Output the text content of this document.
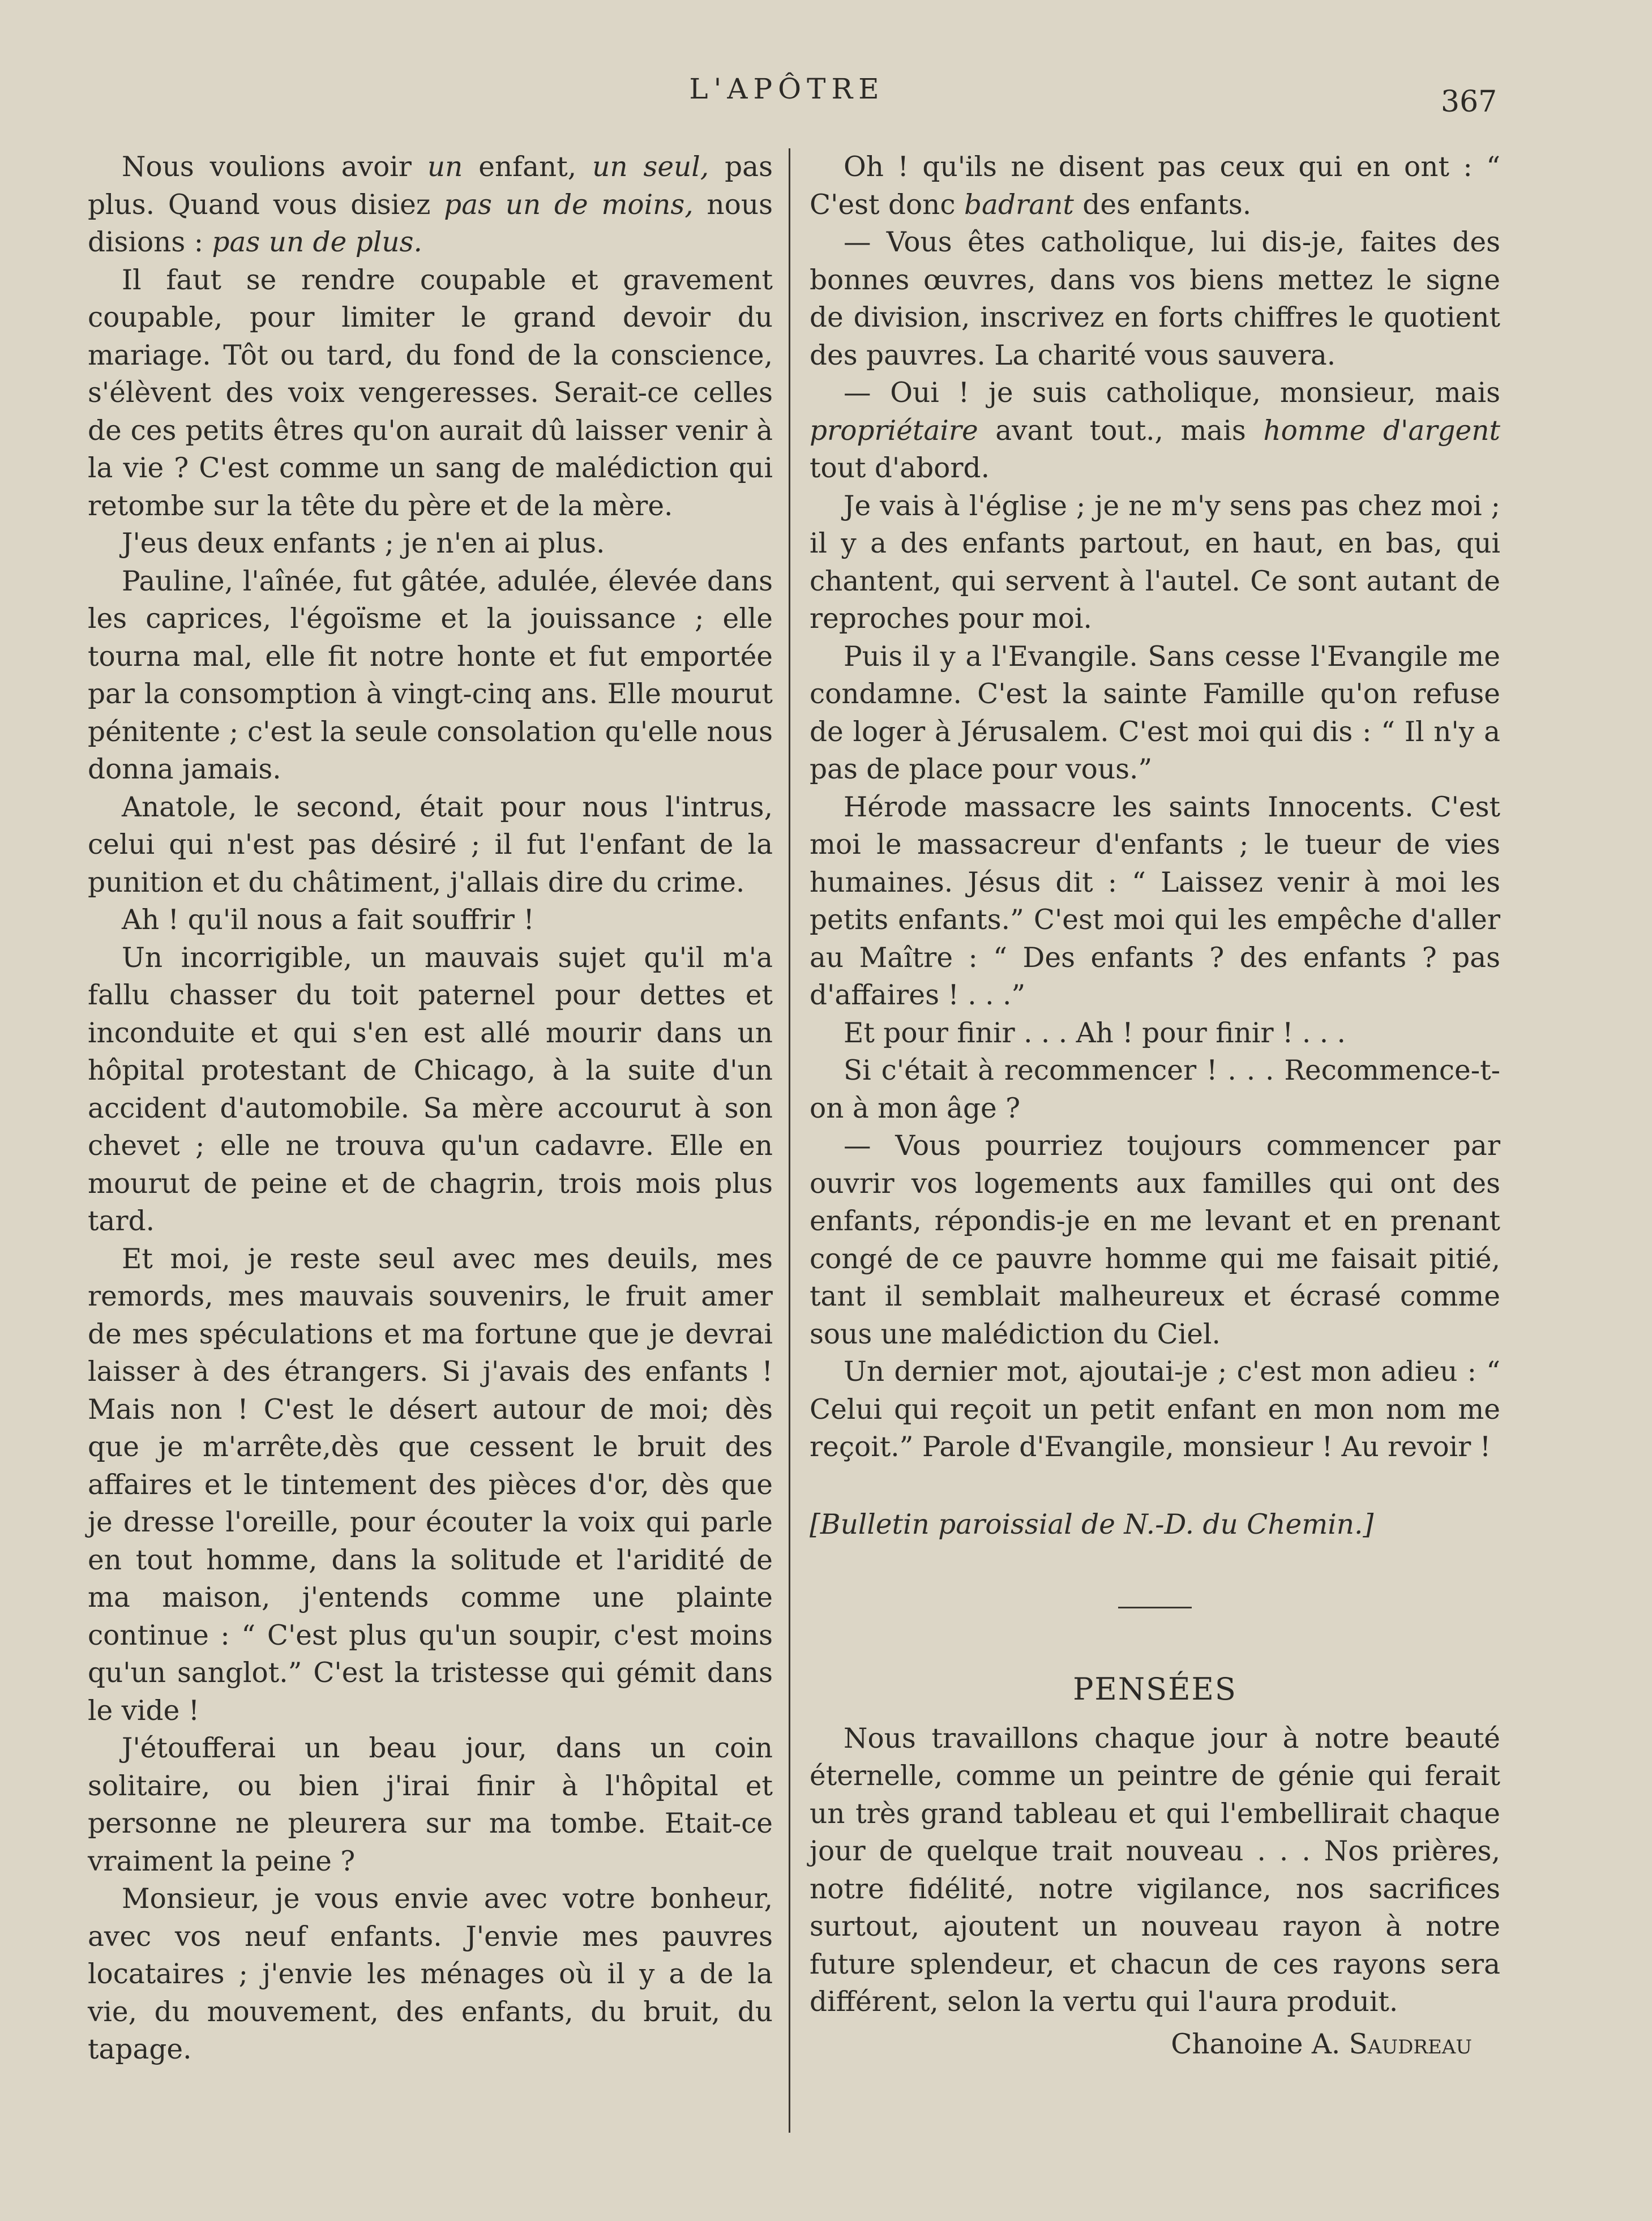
L'APÔTRE	367

Nous voulions avoir un enfant, un seul, pas plus. Quand vous disiez pas un de moins, nous disions : pas un de plus.

Il faut se rendre coupable et gravement coupable, pour limiter le grand devoir du mariage. Tôt ou tard, du fond de la conscience, s'élèvent des voix vengeresses. Serait-ce celles de ces petits êtres qu'on aurait dû laisser venir à la vie ? C'est comme un sang de malédiction qui retombe sur la tête du père et de la mère.

J'eus deux enfants ; je n'en ai plus.

Pauline, l'aînée, fut gâtée, adulée, élevée dans les caprices, l'égoïsme et la jouissance ; elle tourna mal, elle fit notre honte et fut emportée par la consomption à vingt-cinq ans. Elle mourut pénitente ; c'est la seule consolation qu'elle nous donna jamais.

Anatole, le second, était pour nous l'intrus, celui qui n'est pas désiré ; il fut l'enfant de la punition et du châtiment, j'allais dire du crime.

Ah ! qu'il nous a fait souffrir !

Un incorrigible, un mauvais sujet qu'il m'a fallu chasser du toit paternel pour dettes et inconduite et qui s'en est allé mourir dans un hôpital protestant de Chicago, à la suite d'un accident d'automobile. Sa mère accourut à son chevet ; elle ne trouva qu'un cadavre. Elle en mourut de peine et de chagrin, trois mois plus tard.

Et moi, je reste seul avec mes deuils, mes remords, mes mauvais souvenirs, le fruit amer de mes spéculations et ma fortune que je devrai laisser à des étrangers. Si j'avais des enfants ! Mais non ! C'est le désert autour de moi; dès que je m'arrête,dès que cessent le bruit des affaires et le tintement des pièces d'or, dès que je dresse l'oreille, pour écouter la voix qui parle en tout homme, dans la solitude et l'aridité de ma maison, j'entends comme une plainte continue : “ C'est plus qu'un soupir, c'est moins qu'un sanglot.” C'est la tristesse qui gémit dans le vide !

J'étoufferai un beau jour, dans un coin solitaire, ou bien j'irai finir à l'hôpital et personne ne pleurera sur ma tombe. Etait-ce vraiment la peine ?

Monsieur, je vous envie avec votre bonheur, avec vos neuf enfants. J'envie mes pauvres locataires ; j'envie les ménages où il y a de la vie, du mouvement, des enfants, du bruit, du tapage.

Oh ! qu'ils ne disent pas ceux qui en ont : “ C'est donc badrant des enfants.

— Vous êtes catholique, lui dis-je, faites des bonnes œuvres, dans vos biens mettez le signe de division, inscrivez en forts chiffres le quotient des pauvres. La charité vous sauvera.

— Oui ! je suis catholique, monsieur, mais propriétaire avant tout., mais homme d'argent tout d'abord.

Je vais à l'église ; je ne m'y sens pas chez moi ; il y a des enfants partout, en haut, en bas, qui chantent, qui servent à l'autel. Ce sont autant de reproches pour moi.

Puis il y a l'Evangile. Sans cesse l'Evangile me condamne. C'est la sainte Famille qu'on refuse de loger à Jérusalem. C'est moi qui dis : “ Il n'y a pas de place pour vous.”

Hérode massacre les saints Innocents. C'est moi le massacreur d'enfants ; le tueur de vies humaines. Jésus dit : “ Laissez venir à moi les petits enfants.” C'est moi qui les empêche d'aller au Maître : “ Des enfants ? des enfants ? pas d'affaires ! . . .”

Et pour finir . . . Ah ! pour finir ! . . .

Si c'était à recommencer ! . . . Recommence-t-on à mon âge ?

— Vous pourriez toujours commencer par ouvrir vos logements aux familles qui ont des enfants, répondis-je en me levant et en prenant congé de ce pauvre homme qui me faisait pitié, tant il semblait malheureux et écrasé comme sous une malédiction du Ciel.

Un dernier mot, ajoutai-je ; c'est mon adieu : “ Celui qui reçoit un petit enfant en mon nom me reçoit.” Parole d'Evangile, monsieur ! Au revoir !

[Bulletin paroissial de N.-D. du Chemin.]

PENSÉES

Nous travaillons chaque jour à notre beauté éternelle, comme un peintre de génie qui ferait un très grand tableau et qui l'embellirait chaque jour de quelque trait nouveau . . . Nos prières, notre fidélité, notre vigilance, nos sacrifices surtout, ajoutent un nouveau rayon à notre future splendeur, et chacun de ces rayons sera différent, selon la vertu qui l'aura produit.

Chanoine A. Saudreau
